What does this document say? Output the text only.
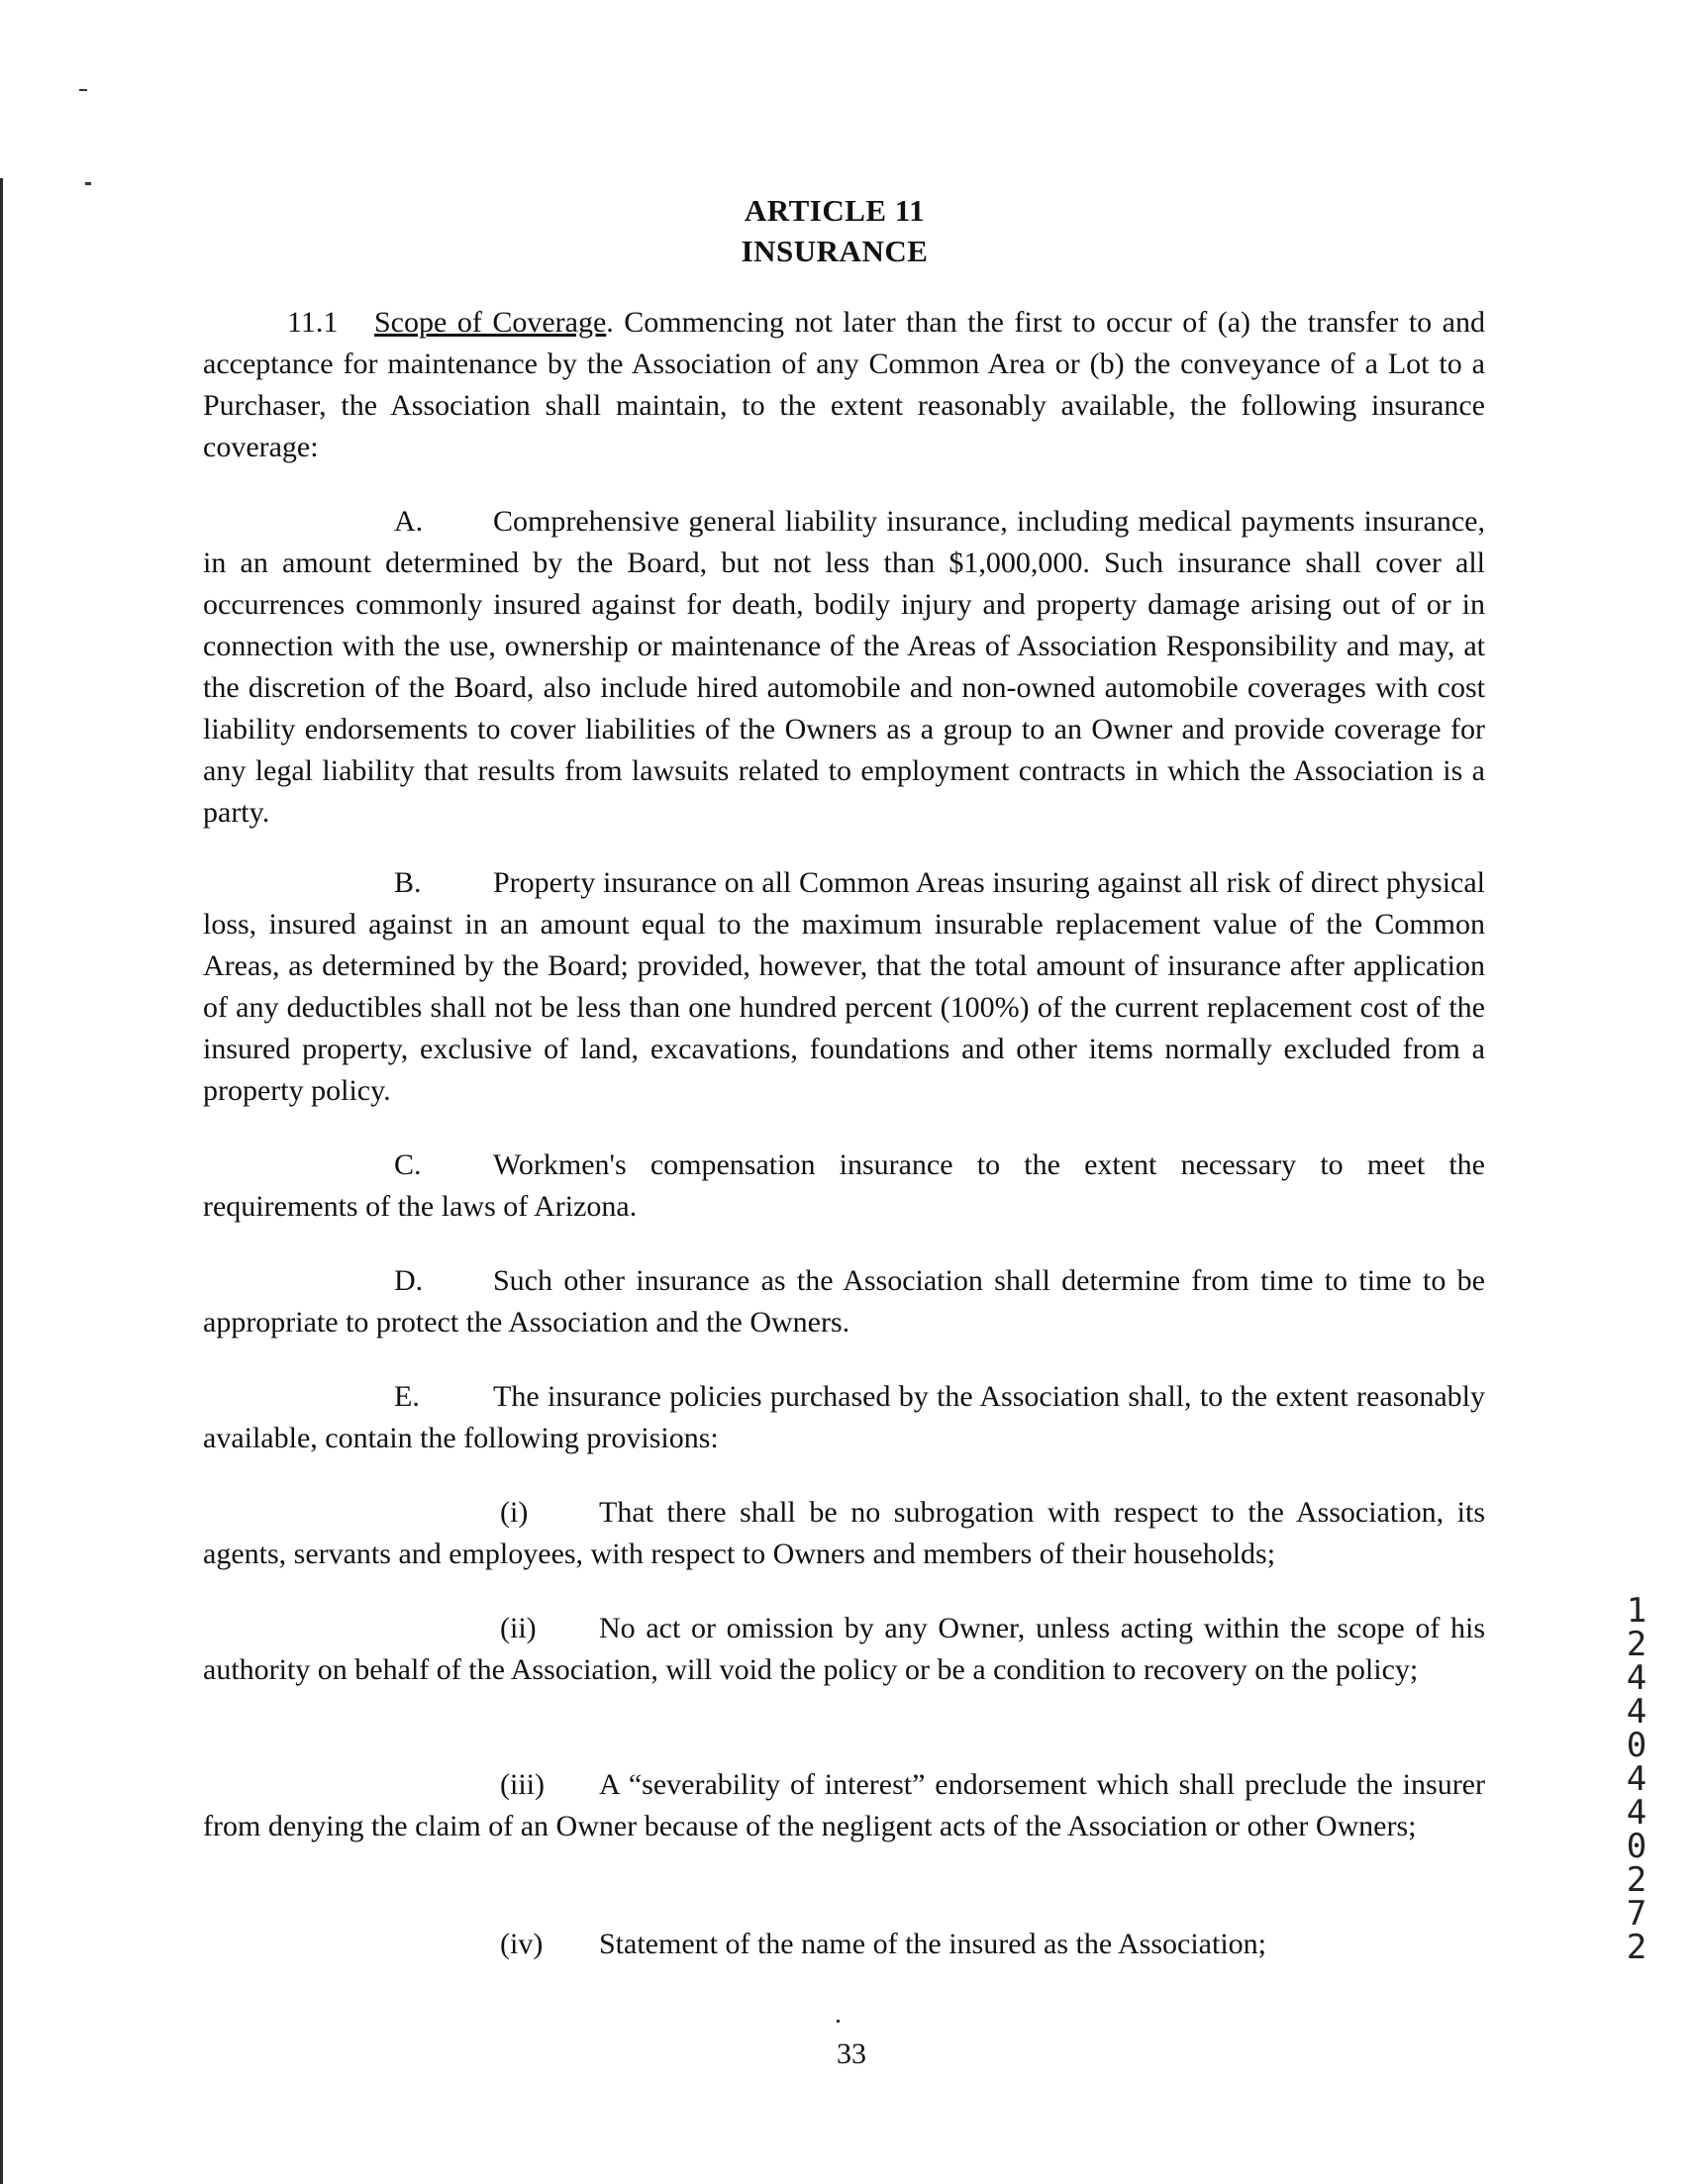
ARTICLE 11
INSURANCE
11.1 Scope of Coverage. Commencing not later than the first to occur of (a) the transfer to and acceptance for maintenance by the Association of any Common Area or (b) the conveyance of a Lot to a Purchaser, the Association shall maintain, to the extent reasonably available, the following insurance coverage:
A. Comprehensive general liability insurance, including medical payments insurance, in an amount determined by the Board, but not less than $1,000,000. Such insurance shall cover all occurrences commonly insured against for death, bodily injury and property damage arising out of or in connection with the use, ownership or maintenance of the Areas of Association Responsibility and may, at the discretion of the Board, also include hired automobile and non-owned automobile coverages with cost liability endorsements to cover liabilities of the Owners as a group to an Owner and provide coverage for any legal liability that results from lawsuits related to employment contracts in which the Association is a party.
B. Property insurance on all Common Areas insuring against all risk of direct physical loss, insured against in an amount equal to the maximum insurable replacement value of the Common Areas, as determined by the Board; provided, however, that the total amount of insurance after application of any deductibles shall not be less than one hundred percent (100%) of the current replacement cost of the insured property, exclusive of land, excavations, foundations and other items normally excluded from a property policy.
C. Workmen's compensation insurance to the extent necessary to meet the requirements of the laws of Arizona.
D. Such other insurance as the Association shall determine from time to time to be appropriate to protect the Association and the Owners.
E. The insurance policies purchased by the Association shall, to the extent reasonably available, contain the following provisions:
(i) That there shall be no subrogation with respect to the Association, its agents, servants and employees, with respect to Owners and members of their households;
(ii) No act or omission by any Owner, unless acting within the scope of his authority on behalf of the Association, will void the policy or be a condition to recovery on the policy;
(iii) A “severability of interest” endorsement which shall preclude the insurer from denying the claim of an Owner because of the negligent acts of the Association or other Owners;
(iv) Statement of the name of the insured as the Association;
12440440272
33
